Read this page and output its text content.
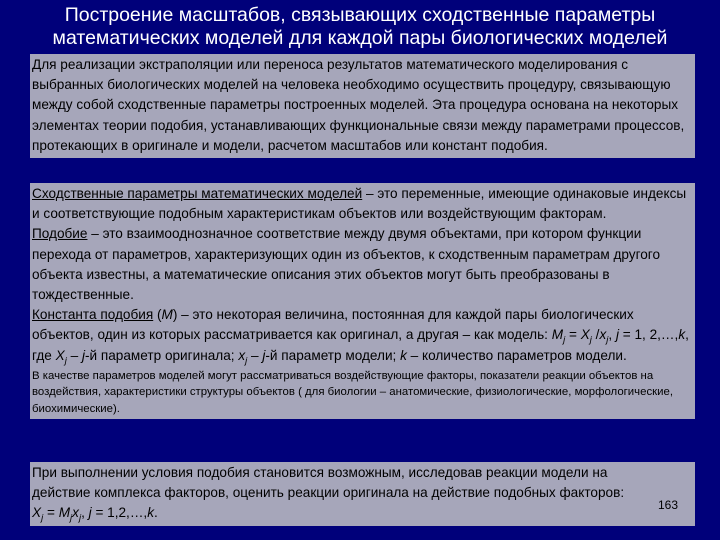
Построение масштабов, связывающих сходственные параметры
математических моделей для каждой пары биологических моделей

Для реализации экстраполяции или переноса результатов математического моделирования с выбранных биологических моделей на человека необходимо осуществить процедуру, связывающую между собой сходственные параметры построенных моделей. Эта процедура основана на некоторых элементах теории подобия, устанавливающих функциональные связи между параметрами процессов, протекающих в оригинале и модели, расчетом масштабов или констант подобия.

Сходственные параметры математических моделей – это переменные, имеющие одинаковые индексы и соответствующие подобным характеристикам объектов или воздействующим факторам.

Подобие – это взаимооднозначное соответствие между двумя объектами, при котором функции перехода от параметров, характеризующих один из объектов, к сходственным параметрам другого объекта известны, а математические описания этих объектов могут быть преобразованы в тождественные.

Константа подобия (M) – это некоторая величина, постоянная для каждой пары биологических объектов, один из которых рассматривается как оригинал, а другая – как модель: $M_j = X_j$ $/x_j$, j = 1, 2,…,k, где $X_j - j-й$ параметр оригинала; $x_j - j-й$ параметр модели; k – количество параметров модели.

В качестве параметров моделей могут рассматриваться воздействующие факторы, показатели реакции объектов на воздействия, характеристики структуры объектов ( для биологии – анатомические, физиологические, морфологические, биохимические).

При выполнении условия подобия становится возможным, исследовав реакции модели на действие комплекса факторов, оценить реакции оригинала на действие подобных факторов: $X_j = M_jx_j$, j = 1,2,…,k.

163
